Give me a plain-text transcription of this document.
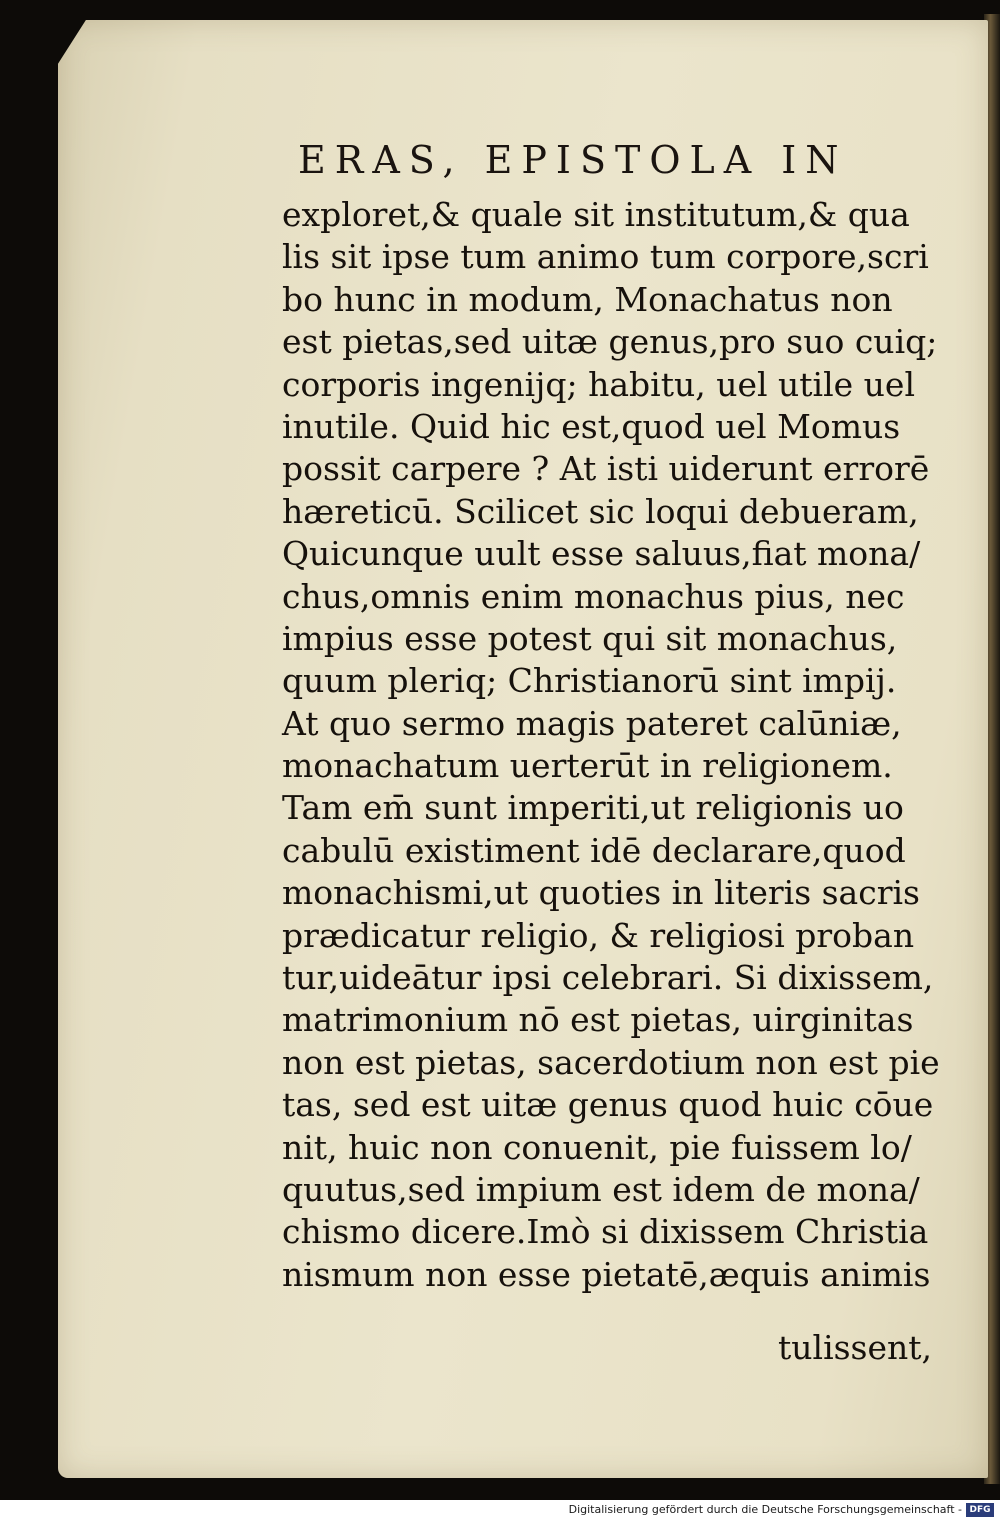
ERAS, EPISTOLA IN
exploret,& quale sit institutum,& qua
lis sit ipse tum animo tum corpore,scri
bo hunc in modum, Monachatus non
est pietas,sed uitæ genus,pro suo cuiq;
corporis ingenijq; habitu, uel utile uel
inutile. Quid hic est,quod uel Momus
possit carpere ? At isti uiderunt errorē
hæreticū. Scilicet sic loqui debueram,
Quicunque uult esse saluus,fiat mona/
chus,omnis enim monachus pius, nec
impius esse potest qui sit monachus,
quum pleriq; Christianorū sint impij.
At quo sermo magis pateret calūniæ,
monachatum uerterūt in religionem.
Tam em̄ sunt imperiti,ut religionis uo
cabulū existiment idē declarare,quod
monachismi,ut quoties in literis sacris
prædicatur religio, & religiosi proban
tur,uideātur ipsi celebrari. Si dixissem,
matrimonium nō est pietas, uirginitas
non est pietas, sacerdotium non est pie
tas, sed est uitæ genus quod huic cōue
nit, huic non conuenit, pie fuissem lo/
quutus,sed impium est idem de mona/
chismo dicere.Imò si dixissem Christia
nismum non esse pietatē,æquis animis
tulissent,
Digitalisierung gefördert durch die Deutsche Forschungsgemeinschaft - DFG
